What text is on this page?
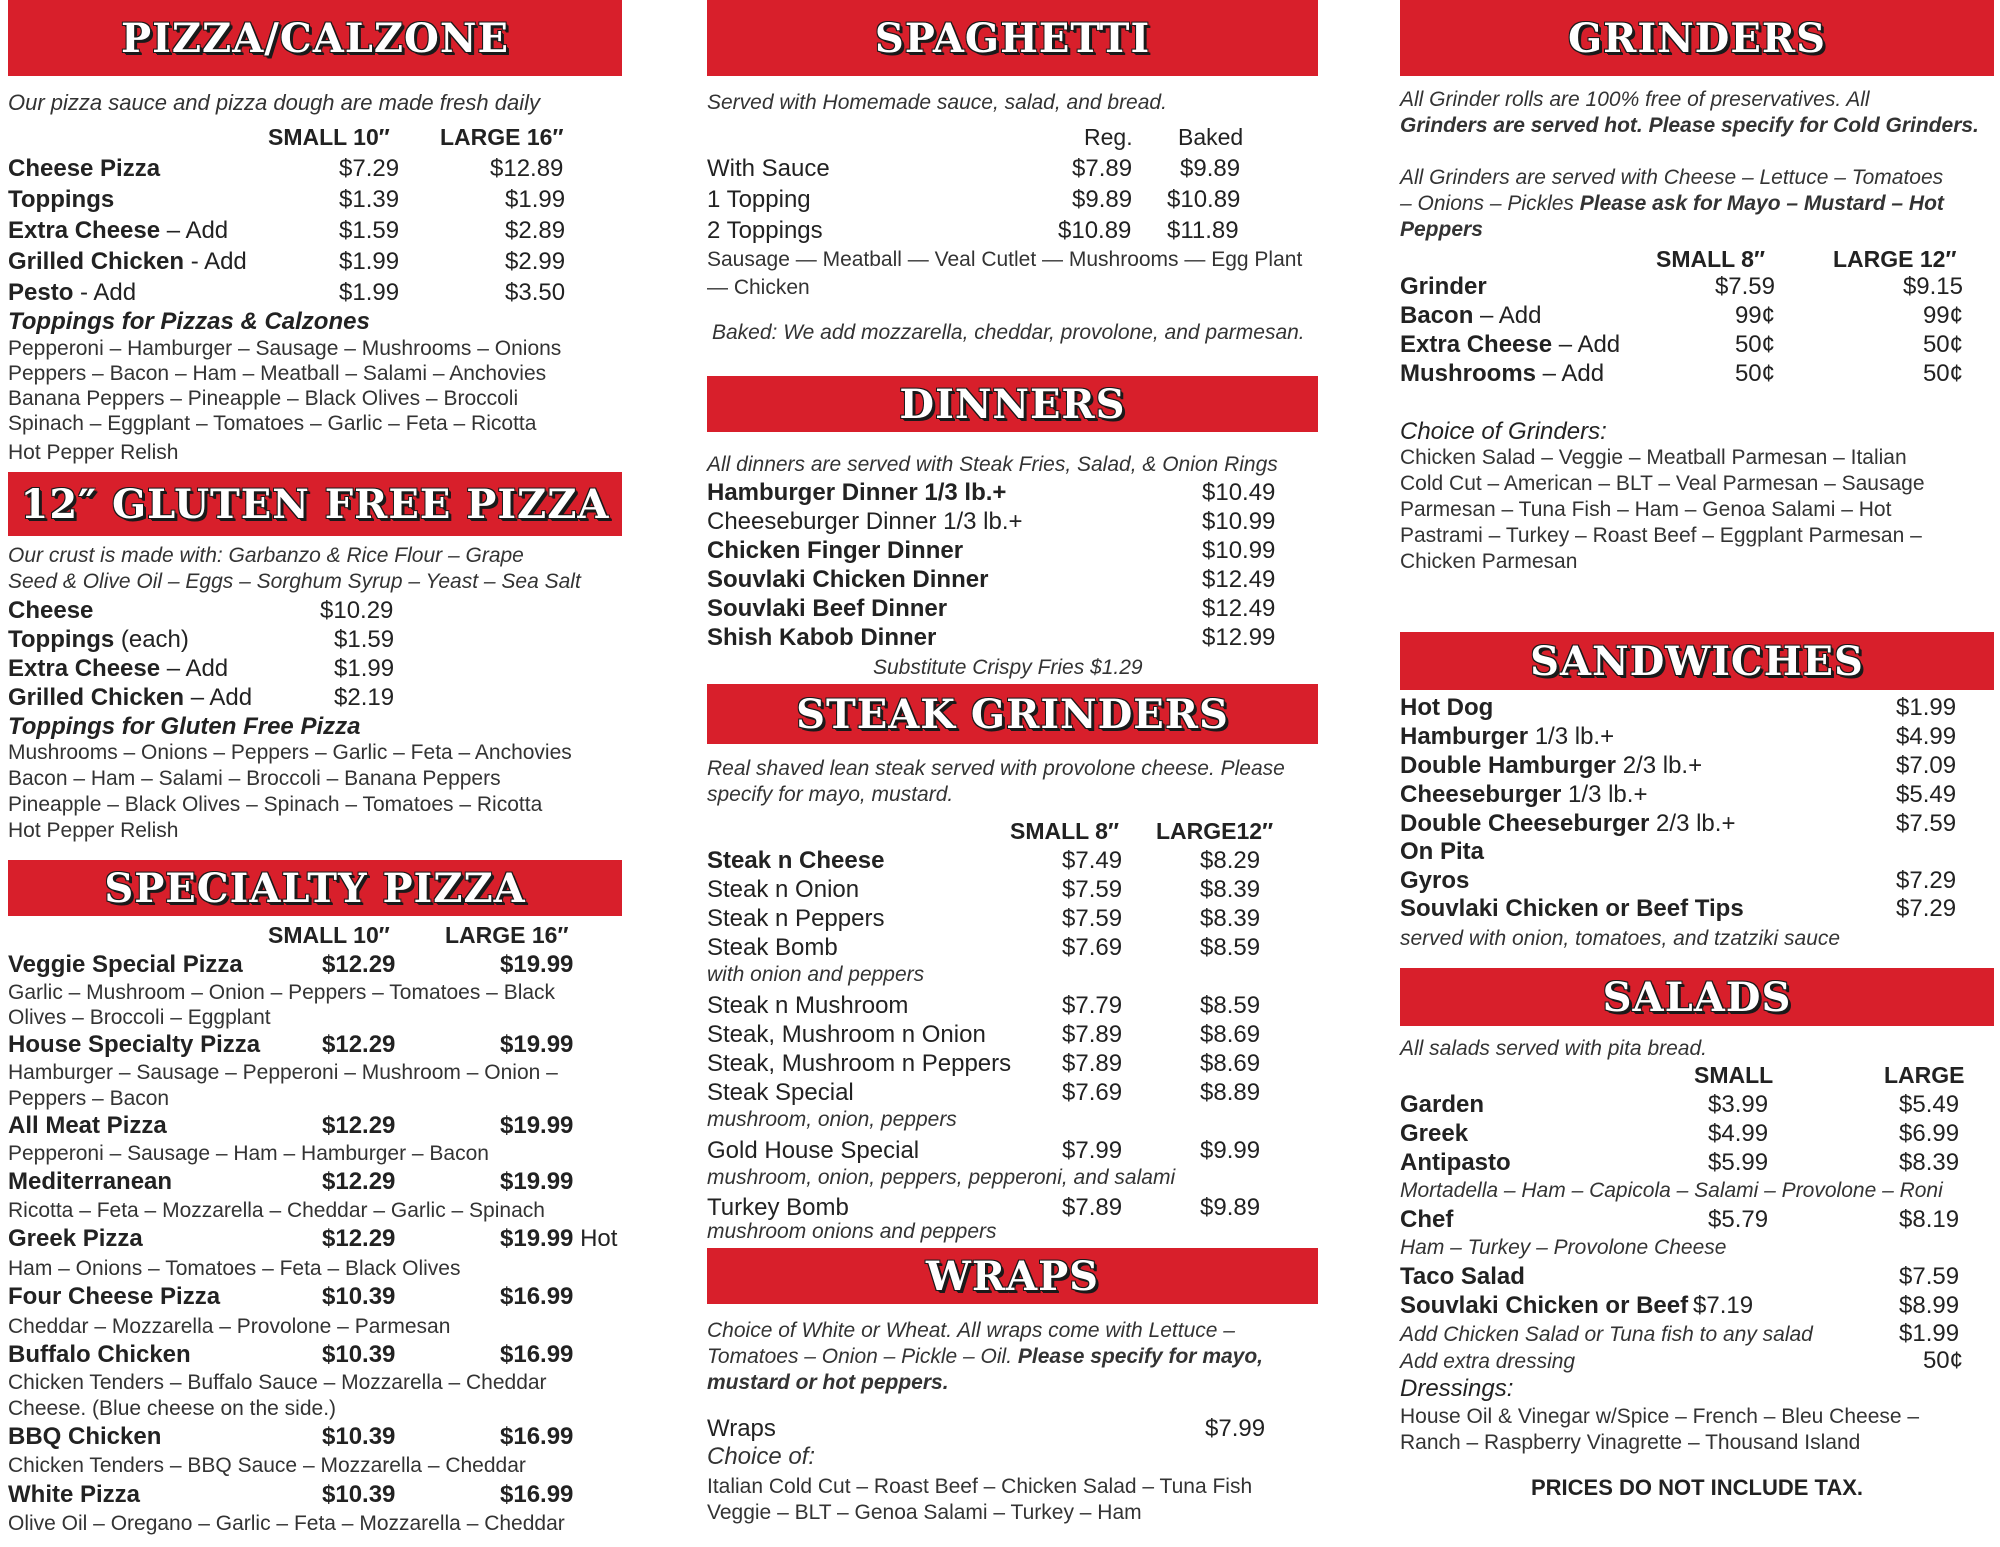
PIZZA/CALZONE
Our pizza sauce and pizza dough are made fresh daily
SMALL 10″ LARGE 16″
Cheese Pizza	$7.29	$12.89
Toppings	$1.39	$1.99
Extra Cheese – Add	$1.59	$2.89
Grilled Chicken - Add	$1.99	$2.99
Pesto - Add	$1.99	$3.50
Toppings for Pizzas & Calzones
Pepperoni – Hamburger – Sausage – Mushrooms – Onions
Peppers – Bacon – Ham – Meatball – Salami – Anchovies
Banana Peppers – Pineapple – Black Olives – Broccoli
Spinach – Eggplant – Tomatoes – Garlic – Feta – Ricotta
Hot Pepper Relish
12″ GLUTEN FREE PIZZA
Our crust is made with: Garbanzo & Rice Flour – Grape
Seed & Olive Oil – Eggs – Sorghum Syrup – Yeast – Sea Salt
Cheese	$10.29
Toppings (each)	$1.59
Extra Cheese – Add	$1.99
Grilled Chicken – Add	$2.19
Toppings for Gluten Free Pizza
Mushrooms – Onions – Peppers – Garlic – Feta – Anchovies
Bacon – Ham – Salami – Broccoli – Banana Peppers
Pineapple – Black Olives – Spinach – Tomatoes – Ricotta
Hot Pepper Relish
SPECIALTY PIZZA
SMALL 10″ LARGE 16″
Veggie Special Pizza	$12.29	$19.99
Garlic – Mushroom – Onion – Peppers – Tomatoes – Black
Olives – Broccoli – Eggplant
House Specialty Pizza	$12.29	$19.99
Hamburger – Sausage – Pepperoni – Mushroom – Onion –
Peppers – Bacon
All Meat Pizza	$12.29	$19.99
Pepperoni – Sausage – Ham – Hamburger – Bacon
Mediterranean	$12.29	$19.99
Ricotta – Feta – Mozzarella – Cheddar – Garlic – Spinach
Greek Pizza	$12.29	$19.99 Hot
Ham – Onions – Tomatoes – Feta – Black Olives
Four Cheese Pizza	$10.39	$16.99
Cheddar – Mozzarella – Provolone – Parmesan
Buffalo Chicken	$10.39	$16.99
Chicken Tenders – Buffalo Sauce – Mozzarella – Cheddar
Cheese. (Blue cheese on the side.)
BBQ Chicken	$10.39	$16.99
Chicken Tenders – BBQ Sauce – Mozzarella – Cheddar
White Pizza	$10.39	$16.99
Olive Oil – Oregano – Garlic – Feta – Mozzarella – Cheddar
SPAGHETTI
Served with Homemade sauce, salad, and bread.
Reg. Baked
With Sauce	$7.89 $9.89
1 Topping	$9.89 $10.89
2 Toppings	$10.89 $11.89
Sausage — Meatball — Veal Cutlet — Mushrooms — Egg Plant
— Chicken
Baked: We add mozzarella, cheddar, provolone, and parmesan.
DINNERS
All dinners are served with Steak Fries, Salad, & Onion Rings
Hamburger Dinner 1/3 lb.+	$10.49
Cheeseburger Dinner 1/3 lb.+	$10.99
Chicken Finger Dinner	$10.99
Souvlaki Chicken Dinner	$12.49
Souvlaki Beef Dinner	$12.49
Shish Kabob Dinner	$12.99
Substitute Crispy Fries $1.29
STEAK GRINDERS
Real shaved lean steak served with provolone cheese. Please
specify for mayo, mustard.
SMALL 8″ LARGE12″
Steak n Cheese	$7.49	$8.29
Steak n Onion	$7.59	$8.39
Steak n Peppers	$7.59	$8.39
Steak Bomb	$7.69	$8.59
with onion and peppers
Steak n Mushroom	$7.79	$8.59
Steak, Mushroom n Onion	$7.89	$8.69
Steak, Mushroom n Peppers $7.89	$8.69
Steak Special	$7.69	$8.89
mushroom, onion, peppers
Gold House Special	$7.99	$9.99
mushroom, onion, peppers, pepperoni, and salami
Turkey Bomb	$7.89	$9.89
mushroom onions and peppers
WRAPS
Choice of White or Wheat. All wraps come with Lettuce –
Tomatoes – Onion – Pickle – Oil. Please specify for mayo,
mustard or hot peppers.
Wraps	$7.99
Choice of:
Italian Cold Cut – Roast Beef – Chicken Salad – Tuna Fish
Veggie – BLT – Genoa Salami – Turkey – Ham
GRINDERS
All Grinder rolls are 100% free of preservatives. All
Grinders are served hot. Please specify for Cold Grinders.
All Grinders are served with Cheese – Lettuce – Tomatoes
– Onions – Pickles Please ask for Mayo – Mustard – Hot
Peppers
SMALL 8″	LARGE 12″
Grinder	$7.59	$9.15
Bacon – Add	99¢	99¢
Extra Cheese – Add	50¢	50¢
Mushrooms – Add	50¢	50¢
Choice of Grinders:
Chicken Salad – Veggie – Meatball Parmesan – Italian
Cold Cut – American – BLT – Veal Parmesan – Sausage
Parmesan – Tuna Fish – Ham – Genoa Salami – Hot
Pastrami – Turkey – Roast Beef – Eggplant Parmesan –
Chicken Parmesan
SANDWICHES
Hot Dog	$1.99
Hamburger 1/3 lb.+	$4.99
Double Hamburger 2/3 lb.+	$7.09
Cheeseburger 1/3 lb.+	$5.49
Double Cheeseburger 2/3 lb.+	$7.59
On Pita
Gyros	$7.29
Souvlaki Chicken or Beef Tips	$7.29
served with onion, tomatoes, and tzatziki sauce
SALADS
All salads served with pita bread.
SMALL	LARGE
Garden	$3.99	$5.49
Greek	$4.99	$6.99
Antipasto	$5.99	$8.39
Mortadella – Ham – Capicola – Salami – Provolone – Roni
Chef	$5.79	$8.19
Ham – Turkey – Provolone Cheese
Taco Salad	$7.59
Souvlaki Chicken or Beef $7.19	$8.99
Add Chicken Salad or Tuna fish to any salad	$1.99
Add extra dressing	50¢
Dressings:
House Oil & Vinegar w/Spice – French – Bleu Cheese –
Ranch – Raspberry Vinagrette – Thousand Island
PRICES DO NOT INCLUDE TAX.
